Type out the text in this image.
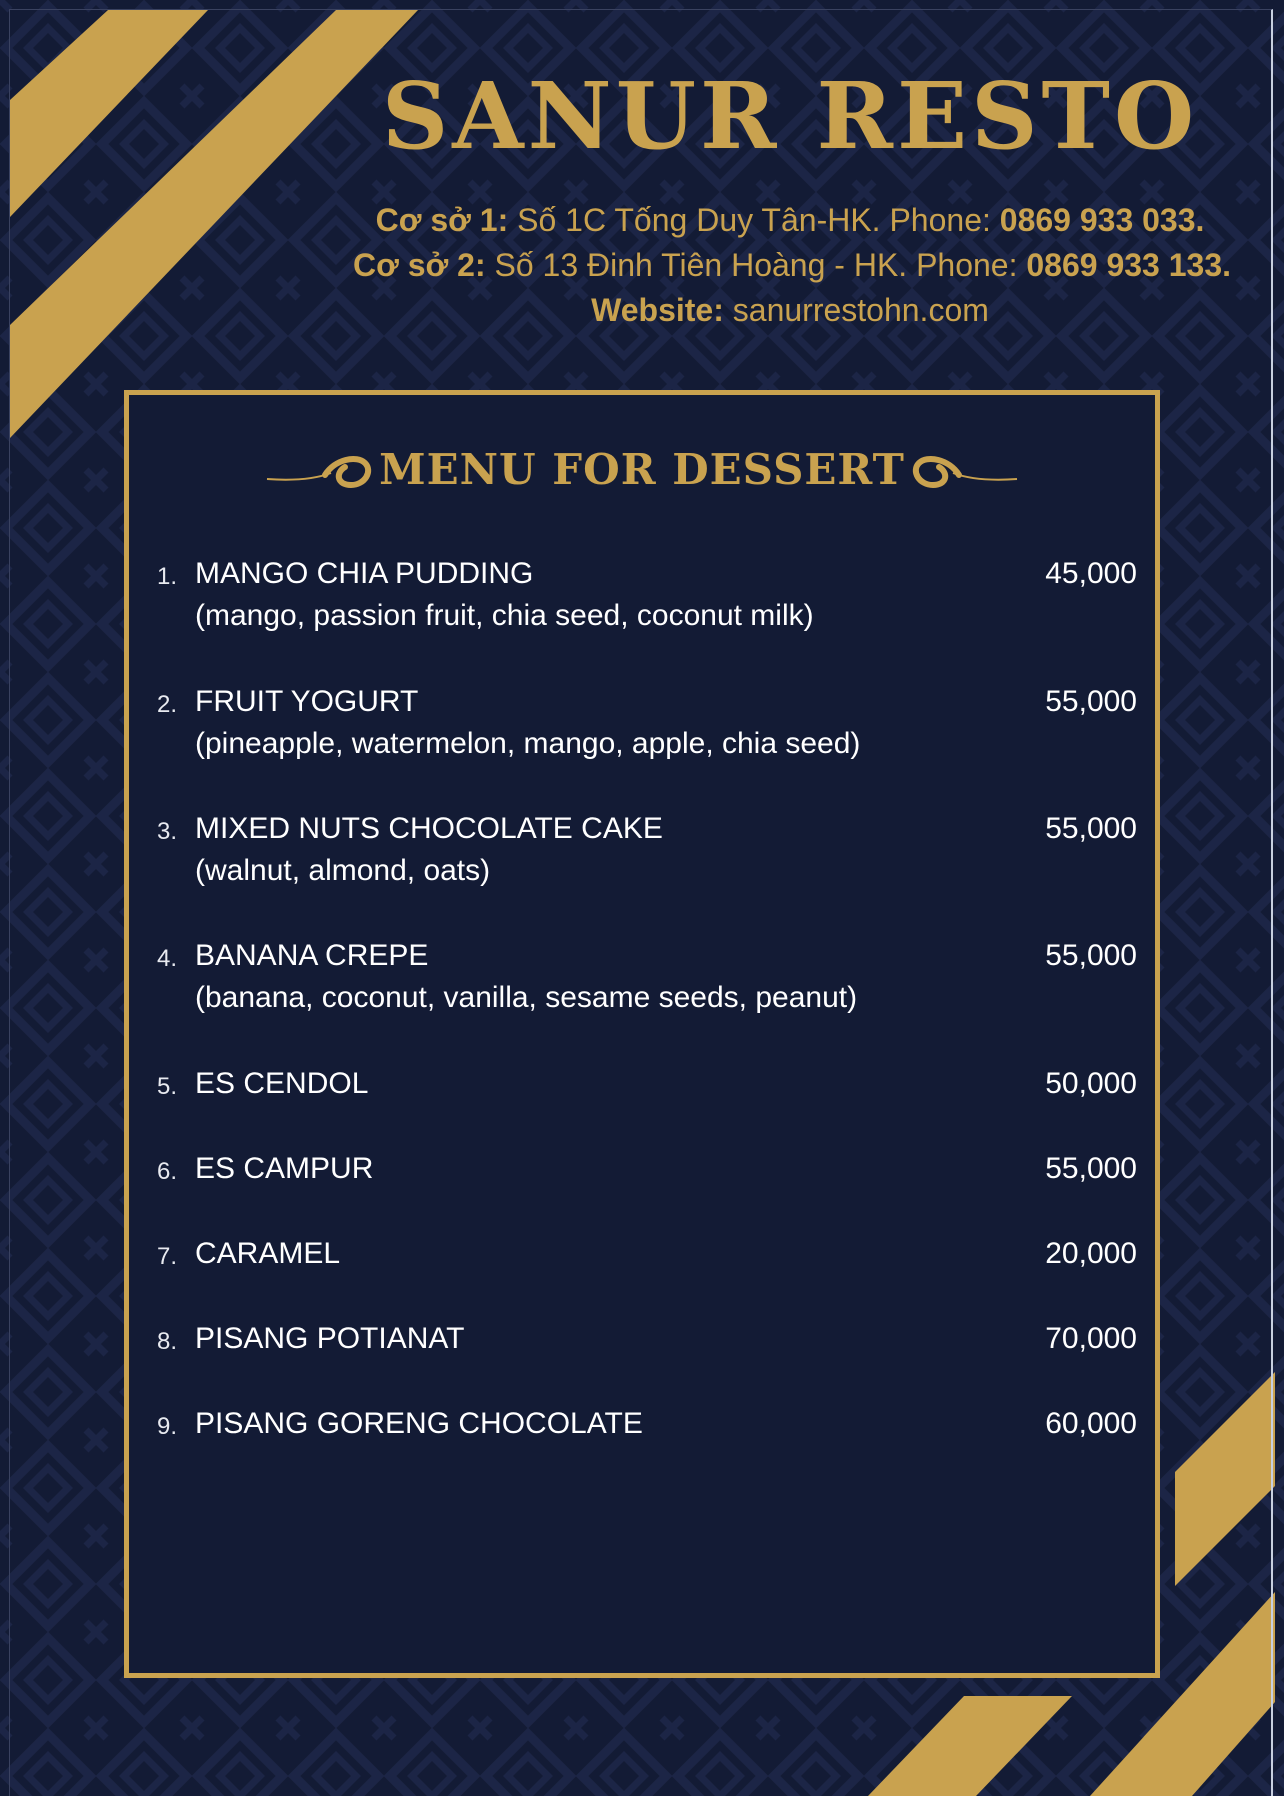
SANUR RESTO

Cơ sở 1: Số 1C Tống Duy Tân-HK. Phone: 0869 933 033.

Cơ sở 2: Số 13 Đinh Tiên Hoàng - HK. Phone: 0869 933 133.

Website: sanurrestohn.com

MENU FOR DESSERT
1. MANGO CHIA PUDDING
(mango, passion fruit, chia seed, coconut milk)
45,000
2. FRUIT YOGURT
(pineapple, watermelon, mango, apple, chia seed)
55,000
3. MIXED NUTS CHOCOLATE CAKE
(walnut, almond, oats)
55,000
4. BANANA CREPE
(banana, coconut, vanilla, sesame seeds, peanut)
55,000
5. ES CENDOL	50,000
6. ES CAMPUR	55,000
7. CARAMEL	20,000
8. PISANG POTIANAT	70,000
9. PISANG GORENG CHOCOLATE	60,000
